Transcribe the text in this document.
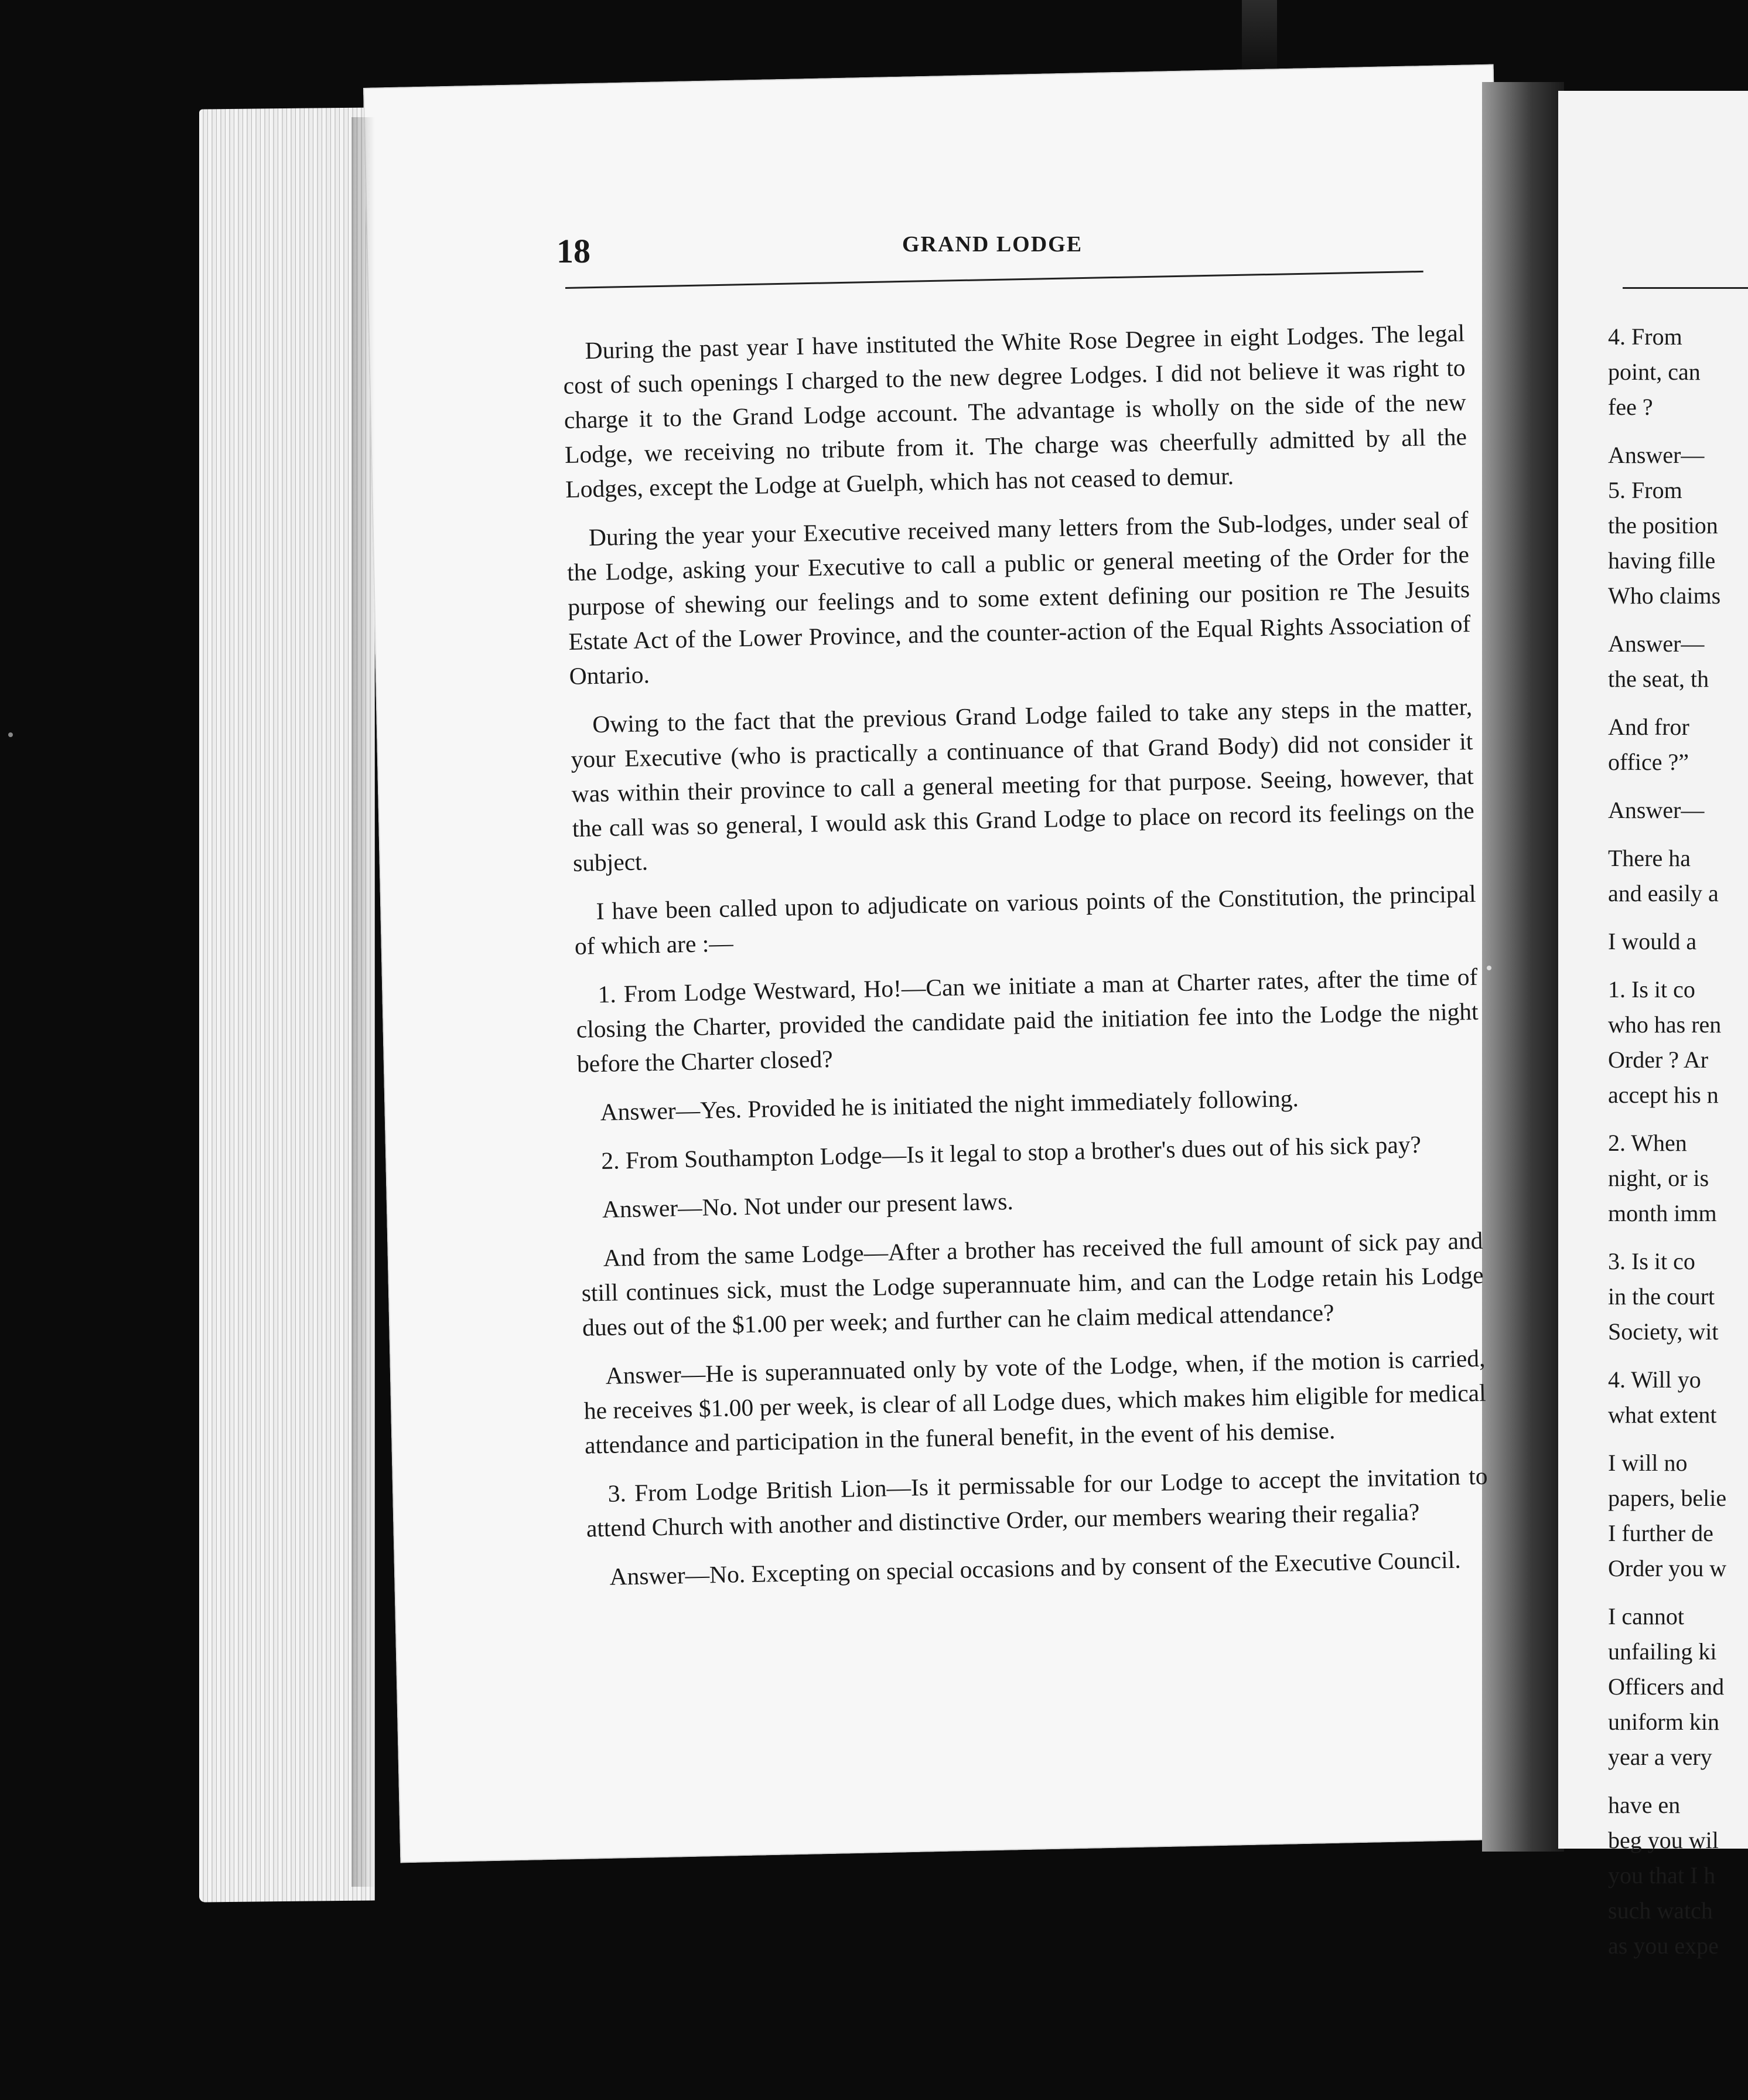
18	GRAND LODGE

During the past year I have instituted the White Rose Degree in eight Lodges. The legal cost of such openings I charged to the new degree Lodges. I did not believe it was right to charge it to the Grand Lodge account. The advantage is wholly on the side of the new Lodge, we receiving no tribute from it. The charge was cheerfully admitted by all the Lodges, except the Lodge at Guelph, which has not ceased to demur.

During the year your Executive received many letters from the Sub-lodges, under seal of the Lodge, asking your Executive to call a public or general meeting of the Order for the purpose of shewing our feelings and to some extent defining our position re The Jesuits Estate Act of the Lower Province, and the counter-action of the Equal Rights Association of Ontario.

Owing to the fact that the previous Grand Lodge failed to take any steps in the matter, your Executive (who is practically a continuance of that Grand Body) did not consider it was within their province to call a general meeting for that purpose. Seeing, however, that the call was so general, I would ask this Grand Lodge to place on record its feelings on the subject.

I have been called upon to adjudicate on various points of the Constitution, the principal of which are :—

1. From Lodge Westward, Ho!—Can we initiate a man at Charter rates, after the time of closing the Charter, provided the candidate paid the initiation fee into the Lodge the night before the Charter closed?

Answer—Yes. Provided he is initiated the night immediately following.

2. From Southampton Lodge—Is it legal to stop a brother's dues out of his sick pay?

Answer—No. Not under our present laws.

And from the same Lodge—After a brother has received the full amount of sick pay and still continues sick, must the Lodge superannuate him, and can the Lodge retain his Lodge dues out of the $1.00 per week; and further can he claim medical attendance?

Answer—He is superannuated only by vote of the Lodge, when, if the motion is carried, he receives $1.00 per week, is clear of all Lodge dues, which makes him eligible for medical attendance and participation in the funeral benefit, in the event of his demise.

3. From Lodge British Lion—Is it permissable for our Lodge to accept the invitation to attend Church with another and distinctive Order, our members wearing their regalia?

Answer—No. Excepting on special occasions and by consent of the Executive Council.

4. From
point, can
fee ?
Answer—
5. From
the position
having fille
Who claims
Answer—
the seat, th
And fror
office ?”
Answer—
There ha
and easily a
I would a
1. Is it co
who has ren
Order ? Ar
accept his n
2. When
night, or is
month imm
3. Is it co
in the court
Society, wit
4. Will yo
what extent
I will no
papers, belie
I further de
Order you w
I cannot
unfailing ki
Officers and
uniform kin
year a very
have en
beg you wil
you that I h
such watch
as you expe
